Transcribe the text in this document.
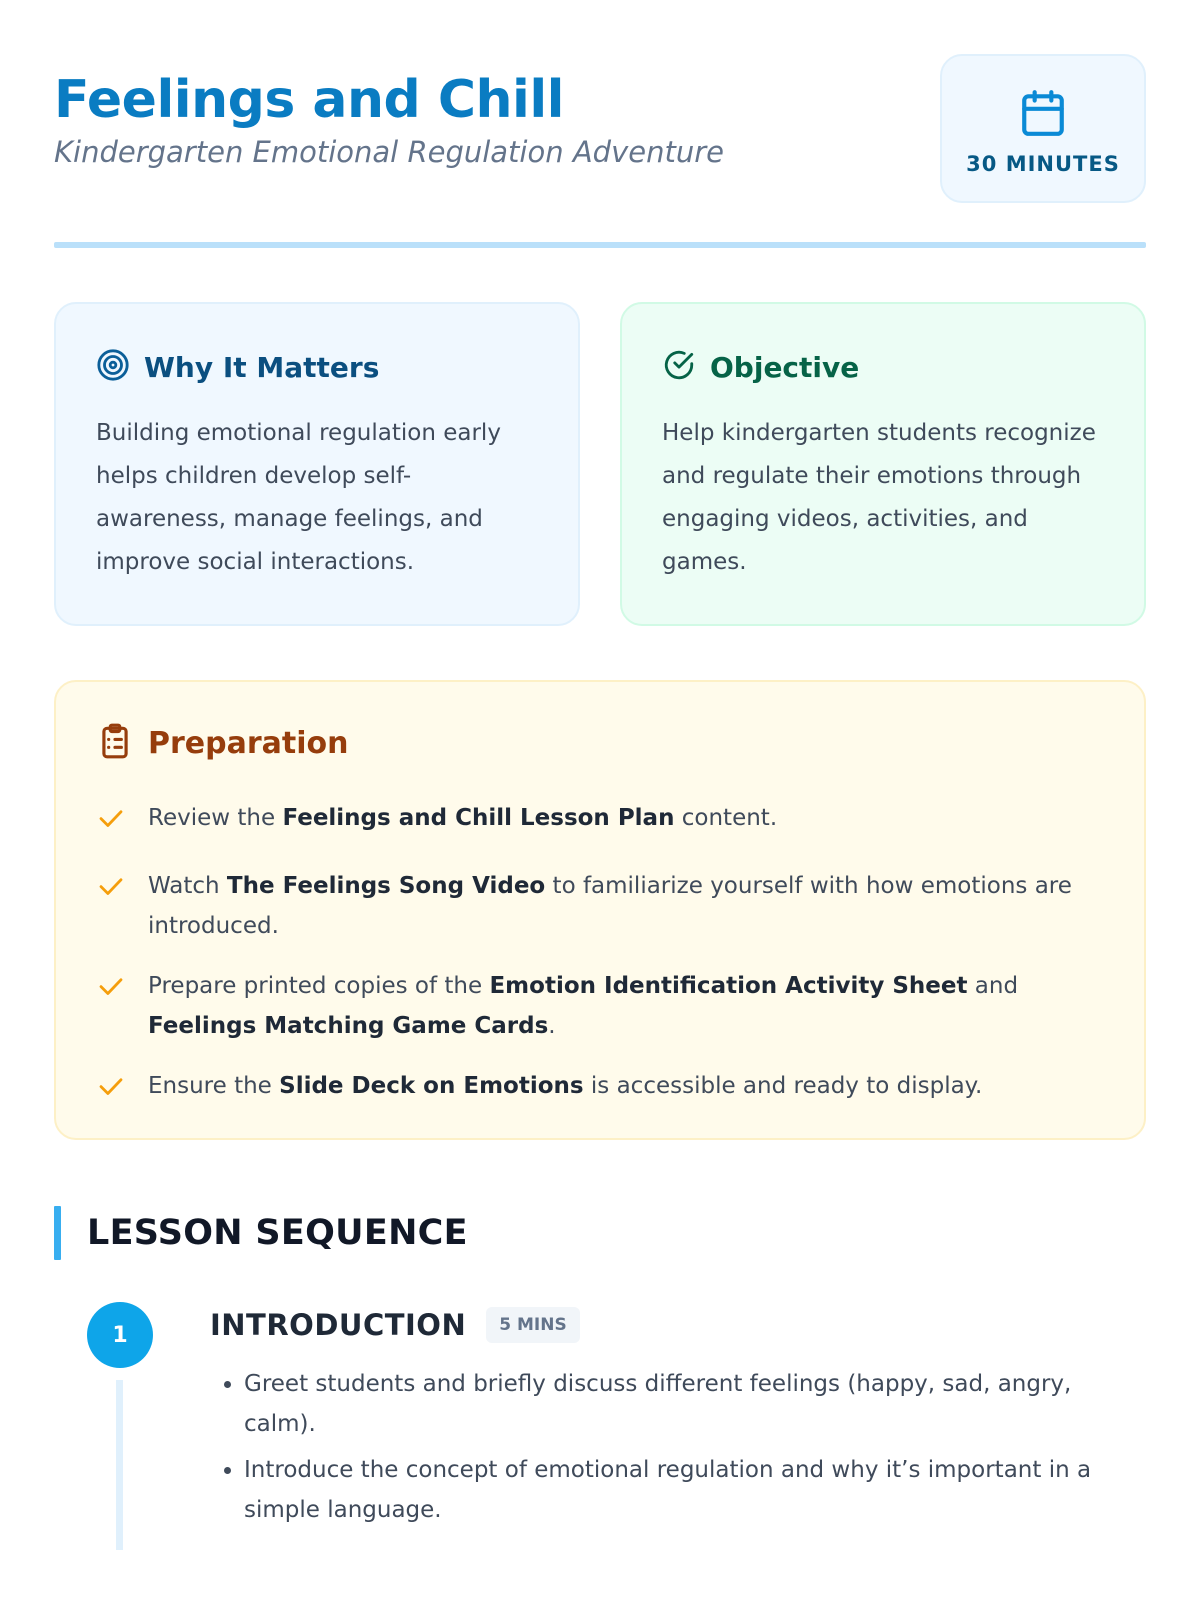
Feelings and Chill
Kindergarten Emotional Regulation Adventure	30 MINUTES
Why It Matters

Building emotional regulation early helps children develop self-awareness, manage feelings, and improve social interactions.

Objective

Help kindergarten students recognize and regulate their emotions through engaging videos, activities, and games.

Preparation
Review the Feelings and Chill Lesson Plan content.
Watch The Feelings Song Video to familiarize yourself with how emotions are introduced.
Prepare printed copies of the Emotion Identification Activity Sheet and Feelings Matching Game Cards.
Ensure the Slide Deck on Emotions is accessible and ready to display.
LESSON SEQUENCE
1	INTRODUCTION	5 MINS
• Greet students and briefly discuss different feelings (happy, sad, angry, calm).
• Introduce the concept of emotional regulation and why it’s important in a simple language.
